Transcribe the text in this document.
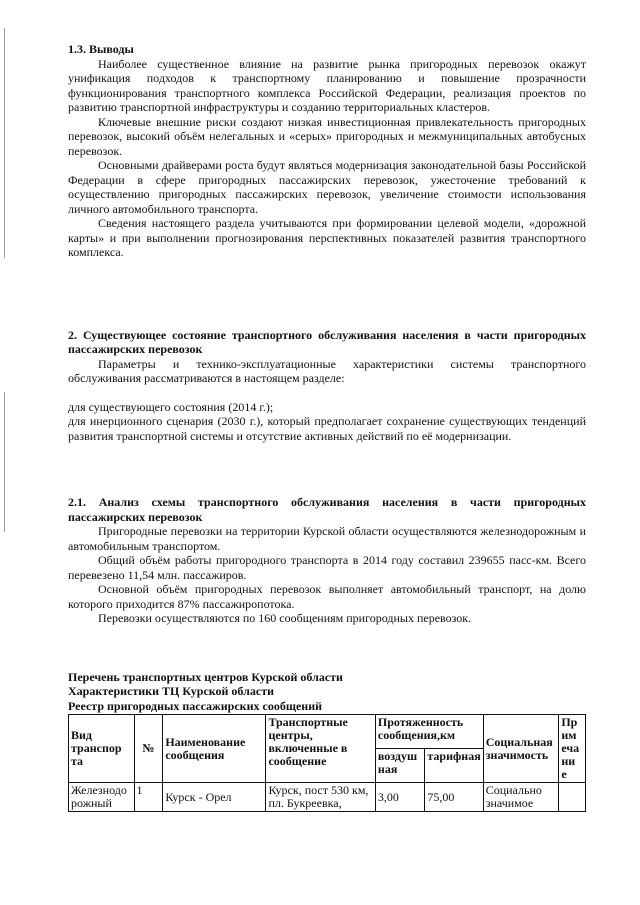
1.3. Выводы

Наиболее существенное влияние на развитие рынка пригородных перевозок окажут унификация подходов к транспортному планированию и повышение прозрачности функционирования транспортного комплекса Российской Федерации, реализация проектов по развитию транспортной инфраструктуры и созданию территориальных кластеров.

Ключевые внешние риски создают низкая инвестиционная привлекательность пригородных перевозок, высокий объём нелегальных и «серых» пригородных и межмуниципальных автобусных перевозок.

Основными драйверами роста будут являться модернизация законодательной базы Российской Федерации в сфере пригородных пассажирских перевозок, ужесточение требований к осуществлению пригородных пассажирских перевозок, увеличение стоимости использования личного автомобильного транспорта.

Сведения настоящего раздела учитываются при формировании целевой модели, «дорожной карты» и при выполнении прогнозирования перспективных показателей развития транспортного комплекса.

2. Существующее состояние транспортного обслуживания населения в части пригородных пассажирских перевозок

Параметры и технико-эксплуатационные характеристики системы транспортного обслуживания рассматриваются в настоящем разделе:

для существующего состояния (2014 г.);

для инерционного сценария (2030 г.), который предполагает сохранение существующих тенденций развития транспортной системы и отсутствие активных действий по её модернизации.

2.1. Анализ схемы транспортного обслуживания населения в части пригородных пассажирских перевозок

Пригородные перевозки на территории Курской области осуществляются железнодорожным и автомобильным транспортом.

Общий объём работы пригородного транспорта в 2014 году составил 239655 пасс-км. Всего перевезено 11,54 млн. пассажиров.

Основной объём пригородных перевозок выполняет автомобильный транспорт, на долю которого приходится 87% пассажиропотока.

Перевозки осуществляются по 160 сообщениям пригородных перевозок.

Перечень транспортных центров Курской области

Характеристики ТЦ Курской области

Реестр пригородных пассажирских сообщений

Вид транспор та	№	Наименование сообщения	Транспортные центры, включенные в сообщение	Протяженность сообщения,км		Социальная значимость	Пр им еча ни е
				воздуш ная	тарифная		
Железнодо рожный	1	Курск - Орел	Курск, пост 530 км, пл. Букреевка,	3,00	75,00	Социально значимое	
